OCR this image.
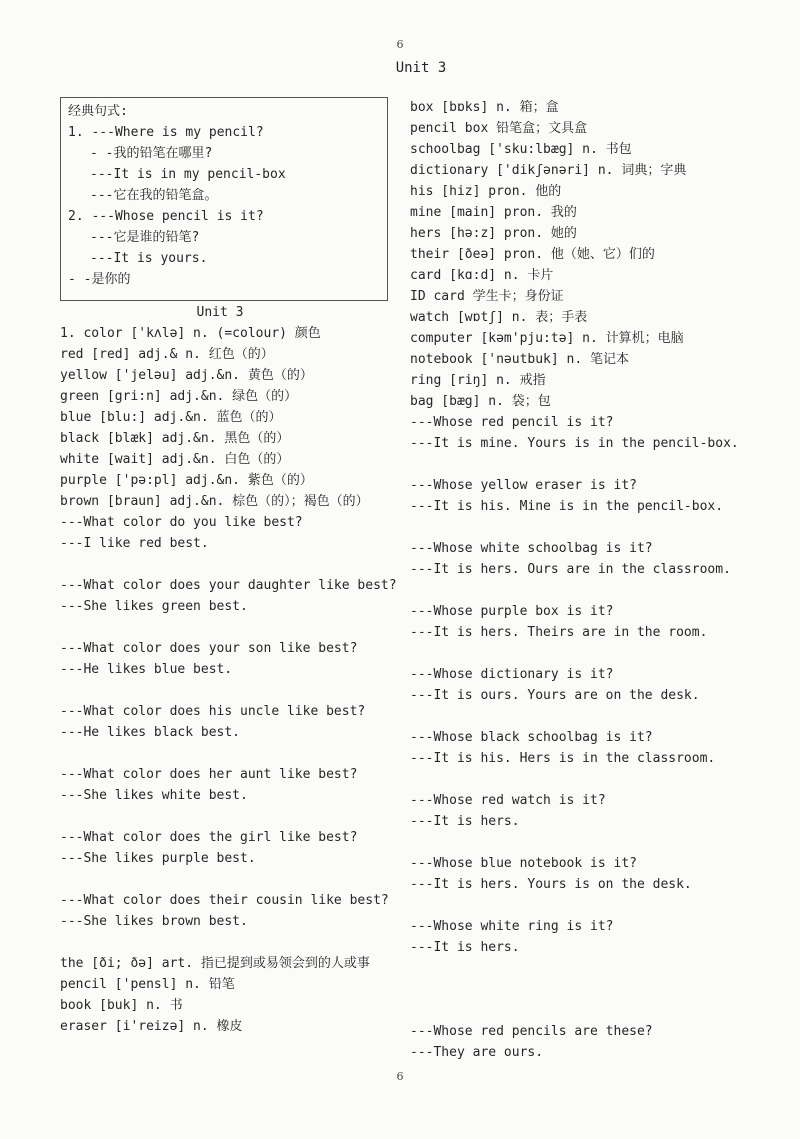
6
Unit 3
经典句式:
1. ---Where is my pencil?
- -我的铅笔在哪里?
---It is in my pencil-box
---它在我的铅笔盒。
2. ---Whose pencil is it?
---它是谁的铅笔?
---It is yours.
- -是你的
Unit 3
1. color ['kʌlə] n. (=colour) 颜色
red [red] adj.& n. 红色（的）
yellow ['jeləu] adj.&n. 黄色（的）
green [gri:n] adj.&n. 绿色（的）
blue [blu:] adj.&n. 蓝色（的）
black [blæk] adj.&n. 黑色（的）
white [wait] adj.&n. 白色（的）
purple ['pə:pl] adj.&n. 紫色（的）
brown [braun] adj.&n. 棕色（的）；褐色（的）
---What color do you like best?
---I like red best.
---What color does your daughter like best?
---She likes green best.
---What color does your son like best?
---He likes blue best.
---What color does his uncle like best?
---He likes black best.
---What color does her aunt like best?
---She likes white best.
---What color does the girl like best?
---She likes purple best.
---What color does their cousin like best?
---She likes brown best.
the [ði; ðə] art. 指已提到或易领会到的人或事
pencil ['pensl] n. 铅笔
book [buk] n. 书
eraser [i'reizə] n. 橡皮
box [bɒks] n. 箱；盒
pencil box 铅笔盒；文具盒
schoolbag ['sku:lbæg] n. 书包
dictionary ['dikʃənəri] n. 词典；字典
his [hiz] pron. 他的
mine [main] pron. 我的
hers [hə:z] pron. 她的
their [ðeə] pron. 他（她、它）们的
card [kɑ:d] n. 卡片
ID card 学生卡；身份证
watch [wɒtʃ] n. 表；手表
computer [kəm'pju:tə] n. 计算机；电脑
notebook ['nəutbuk] n. 笔记本
ring [riŋ] n. 戒指
bag [bæg] n. 袋；包
---Whose red pencil is it?
---It is mine. Yours is in the pencil-box.
---Whose yellow eraser is it?
---It is his. Mine is in the pencil-box.
---Whose white schoolbag is it?
---It is hers. Ours are in the classroom.
---Whose purple box is it?
---It is hers. Theirs are in the room.
---Whose dictionary is it?
---It is ours. Yours are on the desk.
---Whose black schoolbag is it?
---It is his. Hers is in the classroom.
---Whose red watch is it?
---It is hers.
---Whose blue notebook is it?
---It is hers. Yours is on the desk.
---Whose white ring is it?
---It is hers.
---Whose red pencils are these?
---They are ours.
6
